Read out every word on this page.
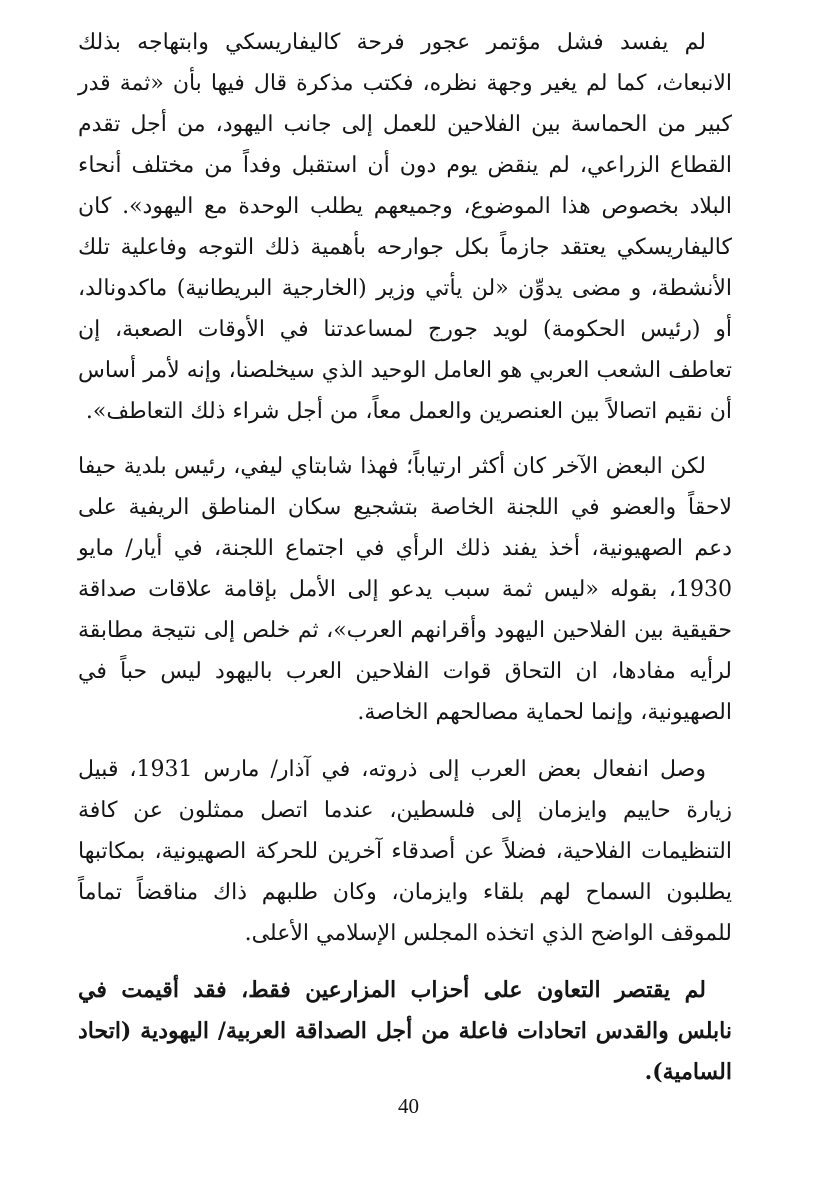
لم يفسد فشل مؤتمر عجور فرحة كاليفاريسكي وابتهاجه بذلك الانبعاث، كما لم يغير وجهة نظره، فكتب مذكرة قال فيها بأن «ثمة قدر كبير من الحماسة بين الفلاحين للعمل إلى جانب اليهود، من أجل تقدم القطاع الزراعي، لم ينقض يوم دون أن استقبل وفداً من مختلف أنحاء البلاد بخصوص هذا الموضوع، وجميعهم يطلب الوحدة مع اليهود». كان كاليفاريسكي يعتقد جازماً بكل جوارحه بأهمية ذلك التوجه وفاعلية تلك الأنشطة، و مضى يدوِّن «لن يأتي وزير (الخارجية البريطانية) ماكدونالد، أو (رئيس الحكومة) لويد جورج لمساعدتنا في الأوقات الصعبة، إن تعاطف الشعب العربي هو العامل الوحيد الذي سيخلصنا، وإنه لأمر أساس أن نقيم اتصالاً بين العنصرين والعمل معاً، من أجل شراء ذلك التعاطف».

لكن البعض الآخر كان أكثر ارتياباً؛ فهذا شابتاي ليفي، رئيس بلدية حيفا لاحقاً والعضو في اللجنة الخاصة بتشجيع سكان المناطق الريفية على دعم الصهيونية، أخذ يفند ذلك الرأي في اجتماع اللجنة، في أيار/ مايو 1930، بقوله «ليس ثمة سبب يدعو إلى الأمل بإقامة علاقات صداقة حقيقية بين الفلاحين اليهود وأقرانهم العرب»، ثم خلص إلى نتيجة مطابقة لرأيه مفادها، ان التحاق قوات الفلاحين العرب باليهود ليس حباً في الصهيونية، وإنما لحماية مصالحهم الخاصة.

وصل انفعال بعض العرب إلى ذروته، في آذار/ مارس 1931، قبيل زيارة حاييم وايزمان إلى فلسطين، عندما اتصل ممثلون عن كافة التنظيمات الفلاحية، فضلاً عن أصدقاء آخرين للحركة الصهيونية، بمكاتبها يطلبون السماح لهم بلقاء وايزمان، وكان طلبهم ذاك مناقضاً تماماً للموقف الواضح الذي اتخذه المجلس الإسلامي الأعلى.

لم يقتصر التعاون على أحزاب المزارعين فقط، فقد أقيمت في نابلس والقدس اتحادات فاعلة من أجل الصداقة العربية/ اليهودية (اتحاد السامية).

40
